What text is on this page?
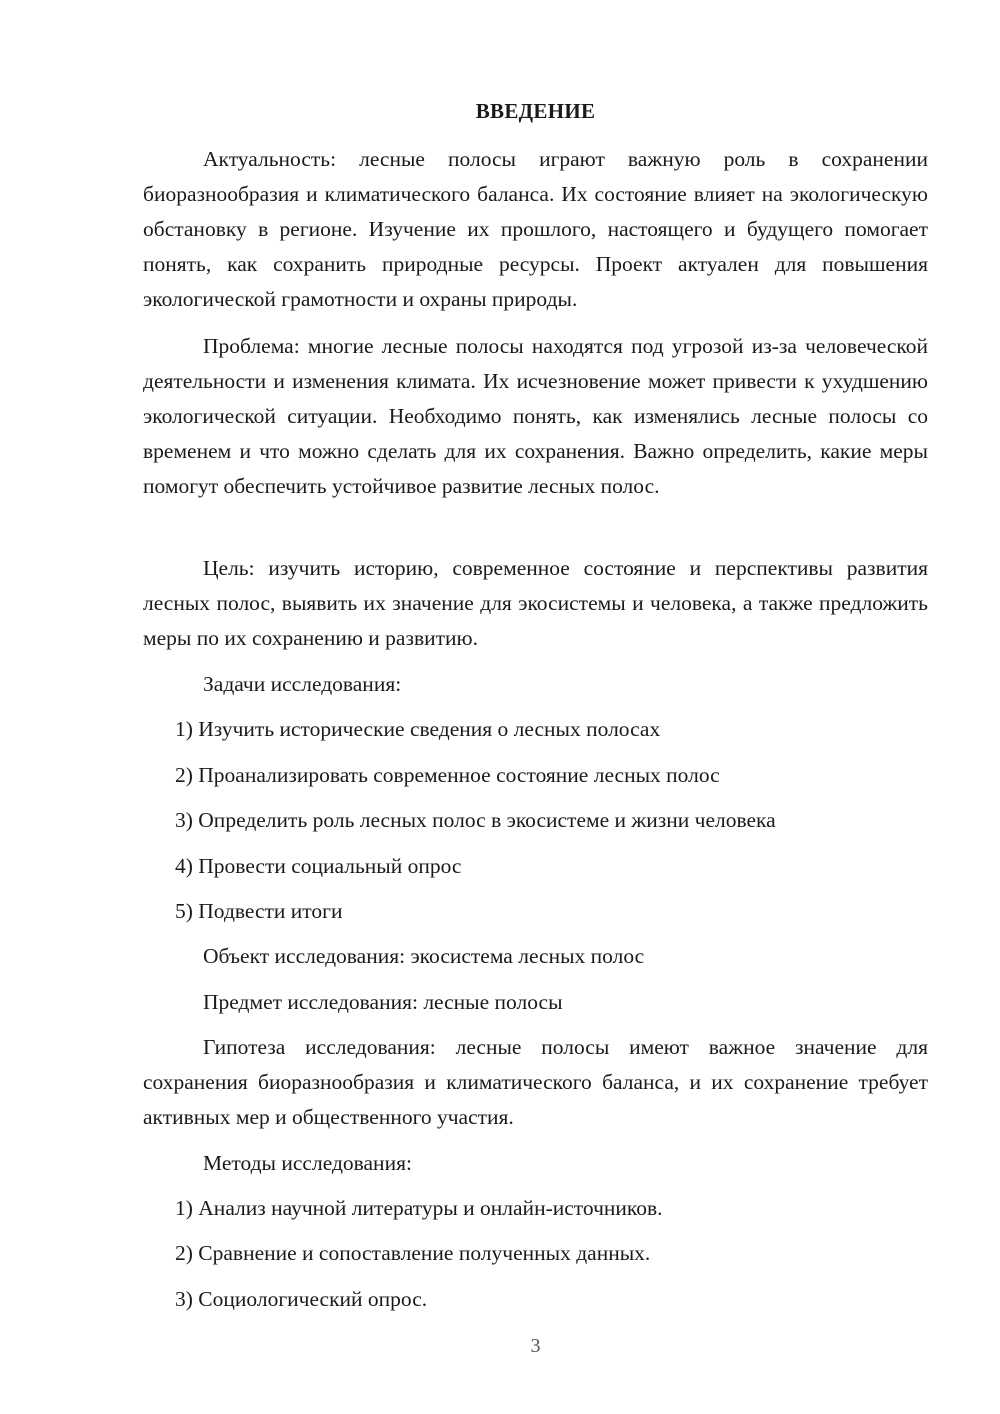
ВВЕДЕНИЕ

Актуальность: лесные полосы играют важную роль в сохранении биоразнообразия и климатического баланса. Их состояние влияет на экологическую обстановку в регионе. Изучение их прошлого, настоящего и будущего помогает понять, как сохранить природные ресурсы. Проект актуален для повышения экологической грамотности и охраны природы.

Проблема: многие лесные полосы находятся под угрозой из-за человеческой деятельности и изменения климата. Их исчезновение может привести к ухудшению экологической ситуации. Необходимо понять, как изменялись лесные полосы со временем и что можно сделать для их сохранения. Важно определить, какие меры помогут обеспечить устойчивое развитие лесных полос.

Цель: изучить историю, современное состояние и перспективы развития лесных полос, выявить их значение для экосистемы и человека, а также предложить меры по их сохранению и развитию.

Задачи исследования:

1) Изучить исторические сведения о лесных полосах

2) Проанализировать современное состояние лесных полос

3) Определить роль лесных полос в экосистеме и жизни человека

4) Провести социальный опрос

5) Подвести итоги

Объект исследования: экосистема лесных полос

Предмет исследования: лесные полосы

Гипотеза исследования: лесные полосы имеют важное значение для сохранения биоразнообразия и климатического баланса, и их сохранение требует активных мер и общественного участия.

Методы исследования:

1) Анализ научной литературы и онлайн-источников.

2) Сравнение и сопоставление полученных данных.

3) Социологический опрос.

3
